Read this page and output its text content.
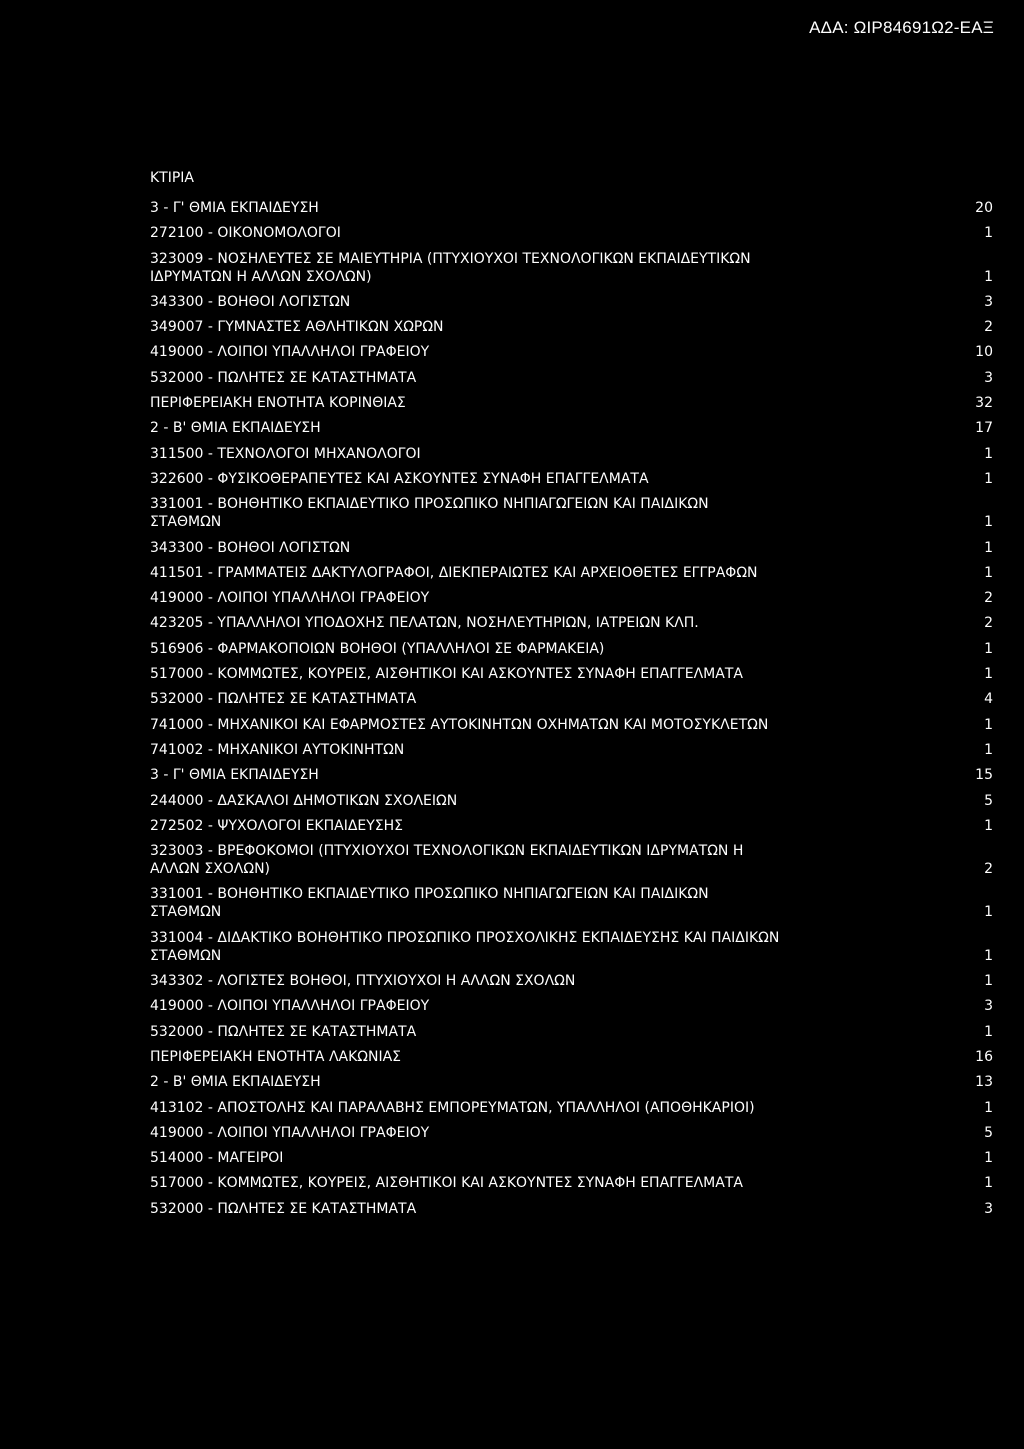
ΑΔΑ: ΩΙΡ84691Ω2-ΕΑΞ
ΚΤΙΡΙΑ
3 - Γ' ΘΜΙΑ ΕΚΠΑΙΔΕΥΣΗ	20
272100 - ΟΙΚΟΝΟΜΟΛΟΓΟΙ	1
323009 - ΝΟΣΗΛΕΥΤΕΣ ΣΕ ΜΑΙΕΥΤΗΡΙΑ (ΠΤΥΧΙΟΥΧΟΙ ΤΕΧΝΟΛΟΓΙΚΩΝ ΕΚΠΑΙΔΕΥΤΙΚΩΝ
ΙΔΡΥΜΑΤΩΝ Η ΑΛΛΩΝ ΣΧΟΛΩΝ)	1
343300 - ΒΟΗΘΟΙ ΛΟΓΙΣΤΩΝ	3
349007 - ΓΥΜΝΑΣΤΕΣ ΑΘΛΗΤΙΚΩΝ ΧΩΡΩΝ	2
419000 - ΛΟΙΠΟΙ ΥΠΑΛΛΗΛΟΙ ΓΡΑΦΕΙΟΥ	10
532000 - ΠΩΛΗΤΕΣ ΣΕ ΚΑΤΑΣΤΗΜΑΤΑ	3
ΠΕΡΙΦΕΡΕΙΑΚΗ ΕΝΟΤΗΤΑ ΚΟΡΙΝΘΙΑΣ	32
2 - Β' ΘΜΙΑ ΕΚΠΑΙΔΕΥΣΗ	17
311500 - ΤΕΧΝΟΛΟΓΟΙ ΜΗΧΑΝΟΛΟΓΟΙ	1
322600 - ΦΥΣΙΚΟΘΕΡΑΠΕΥΤΕΣ ΚΑΙ ΑΣΚΟΥΝΤΕΣ ΣΥΝΑΦΗ ΕΠΑΓΓΕΛΜΑΤΑ	1
331001 - ΒΟΗΘΗΤΙΚΟ ΕΚΠΑΙΔΕΥΤΙΚΟ ΠΡΟΣΩΠΙΚΟ ΝΗΠΙΑΓΩΓΕΙΩΝ ΚΑΙ ΠΑΙΔΙΚΩΝ
ΣΤΑΘΜΩΝ	1
343300 - ΒΟΗΘΟΙ ΛΟΓΙΣΤΩΝ	1
411501 - ΓΡΑΜΜΑΤΕΙΣ ΔΑΚΤΥΛΟΓΡΑΦΟΙ, ΔΙΕΚΠΕΡΑΙΩΤΕΣ ΚΑΙ ΑΡΧΕΙΟΘΕΤΕΣ ΕΓΓΡΑΦΩΝ	1
419000 - ΛΟΙΠΟΙ ΥΠΑΛΛΗΛΟΙ ΓΡΑΦΕΙΟΥ	2
423205 - ΥΠΑΛΛΗΛΟΙ ΥΠΟΔΟΧΗΣ ΠΕΛΑΤΩΝ, ΝΟΣΗΛΕΥΤΗΡΙΩΝ, ΙΑΤΡΕΙΩΝ ΚΛΠ.	2
516906 - ΦΑΡΜΑΚΟΠΟΙΩΝ ΒΟΗΘΟΙ (ΥΠΑΛΛΗΛΟΙ ΣΕ ΦΑΡΜΑΚΕΙΑ)	1
517000 - ΚΟΜΜΩΤΕΣ, ΚΟΥΡΕΙΣ, ΑΙΣΘΗΤΙΚΟΙ ΚΑΙ ΑΣΚΟΥΝΤΕΣ ΣΥΝΑΦΗ ΕΠΑΓΓΕΛΜΑΤΑ	1
532000 - ΠΩΛΗΤΕΣ ΣΕ ΚΑΤΑΣΤΗΜΑΤΑ	4
741000 - ΜΗΧΑΝΙΚΟΙ ΚΑΙ ΕΦΑΡΜΟΣΤΕΣ ΑΥΤΟΚΙΝΗΤΩΝ ΟΧΗΜΑΤΩΝ ΚΑΙ ΜΟΤΟΣΥΚΛΕΤΩΝ	1
741002 - ΜΗΧΑΝΙΚΟΙ ΑΥΤΟΚΙΝΗΤΩΝ	1
3 - Γ' ΘΜΙΑ ΕΚΠΑΙΔΕΥΣΗ	15
244000 - ΔΑΣΚΑΛΟΙ ΔΗΜΟΤΙΚΩΝ ΣΧΟΛΕΙΩΝ	5
272502 - ΨΥΧΟΛΟΓΟΙ ΕΚΠΑΙΔΕΥΣΗΣ	1
323003 - ΒΡΕΦΟΚΟΜΟΙ (ΠΤΥΧΙΟΥΧΟΙ ΤΕΧΝΟΛΟΓΙΚΩΝ ΕΚΠΑΙΔΕΥΤΙΚΩΝ ΙΔΡΥΜΑΤΩΝ Η
ΑΛΛΩΝ ΣΧΟΛΩΝ)	2
331001 - ΒΟΗΘΗΤΙΚΟ ΕΚΠΑΙΔΕΥΤΙΚΟ ΠΡΟΣΩΠΙΚΟ ΝΗΠΙΑΓΩΓΕΙΩΝ ΚΑΙ ΠΑΙΔΙΚΩΝ
ΣΤΑΘΜΩΝ	1
331004 - ΔΙΔΑΚΤΙΚΟ ΒΟΗΘΗΤΙΚΟ ΠΡΟΣΩΠΙΚΟ ΠΡΟΣΧΟΛΙΚΗΣ ΕΚΠΑΙΔΕΥΣΗΣ ΚΑΙ ΠΑΙΔΙΚΩΝ
ΣΤΑΘΜΩΝ	1
343302 - ΛΟΓΙΣΤΕΣ ΒΟΗΘΟΙ, ΠΤΥΧΙΟΥΧΟΙ Η ΑΛΛΩΝ ΣΧΟΛΩΝ	1
419000 - ΛΟΙΠΟΙ ΥΠΑΛΛΗΛΟΙ ΓΡΑΦΕΙΟΥ	3
532000 - ΠΩΛΗΤΕΣ ΣΕ ΚΑΤΑΣΤΗΜΑΤΑ	1
ΠΕΡΙΦΕΡΕΙΑΚΗ ΕΝΟΤΗΤΑ ΛΑΚΩΝΙΑΣ	16
2 - Β' ΘΜΙΑ ΕΚΠΑΙΔΕΥΣΗ	13
413102 - ΑΠΟΣΤΟΛΗΣ ΚΑΙ ΠΑΡΑΛΑΒΗΣ ΕΜΠΟΡΕΥΜΑΤΩΝ, ΥΠΑΛΛΗΛΟΙ (ΑΠΟΘΗΚΑΡΙΟΙ)	1
419000 - ΛΟΙΠΟΙ ΥΠΑΛΛΗΛΟΙ ΓΡΑΦΕΙΟΥ	5
514000 - ΜΑΓΕΙΡΟΙ	1
517000 - ΚΟΜΜΩΤΕΣ, ΚΟΥΡΕΙΣ, ΑΙΣΘΗΤΙΚΟΙ ΚΑΙ ΑΣΚΟΥΝΤΕΣ ΣΥΝΑΦΗ ΕΠΑΓΓΕΛΜΑΤΑ	1
532000 - ΠΩΛΗΤΕΣ ΣΕ ΚΑΤΑΣΤΗΜΑΤΑ	3
